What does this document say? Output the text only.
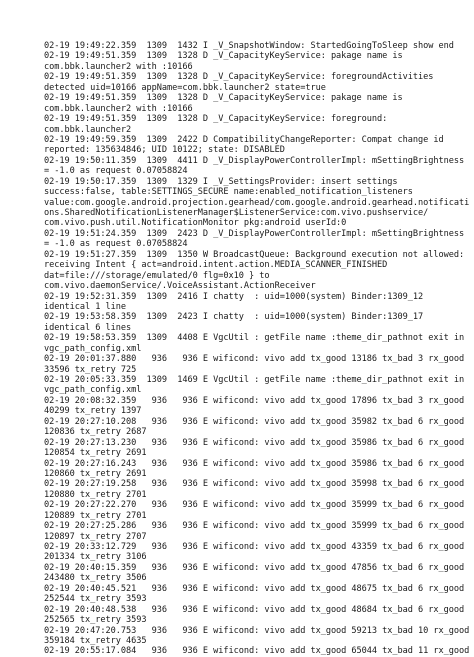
02-19 19:49:22.359  1309  1432 I _V_SnapshotWindow: StartedGoingToSleep show end
02-19 19:49:51.359  1309  1328 D _V_CapacityKeyService: pakage name is
com.bbk.launcher2 with :10166
02-19 19:49:51.359  1309  1328 D _V_CapacityKeyService: foregroundActivities
detected uid=10166 appName=com.bbk.launcher2 state=true
02-19 19:49:51.359  1309  1328 D _V_CapacityKeyService: pakage name is
com.bbk.launcher2 with :10166
02-19 19:49:51.359  1309  1328 D _V_CapacityKeyService: foreground:
com.bbk.launcher2
02-19 19:49:59.359  1309  2422 D CompatibilityChangeReporter: Compat change id
reported: 135634846; UID 10122; state: DISABLED
02-19 19:50:11.359  1309  4411 D _V_DisplayPowerControllerImpl: mSettingBrightness
= -1.0 as request 0.07058824
02-19 19:50:17.359  1309  1329 I _V_SettingsProvider: insert settings
success:false, table:SETTINGS_SECURE name:enabled_notification_listeners
value:com.google.android.projection.gearhead/com.google.android.gearhead.notificati
ons.SharedNotificationListenerManager$ListenerService:com.vivo.pushservice/
com.vivo.push.util.NotificationMonitor pkg:android userId:0
02-19 19:51:24.359  1309  2423 D _V_DisplayPowerControllerImpl: mSettingBrightness
= -1.0 as request 0.07058824
02-19 19:51:27.359  1309  1350 W BroadcastQueue: Background execution not allowed:
receiving Intent { act=android.intent.action.MEDIA_SCANNER_FINISHED
dat=file:///storage/emulated/0 flg=0x10 } to
com.vivo.daemonService/.VoiceAssistant.ActionReceiver
02-19 19:52:31.359  1309  2416 I chatty  : uid=1000(system) Binder:1309_12
identical 1 line
02-19 19:53:58.359  1309  2423 I chatty  : uid=1000(system) Binder:1309_17
identical 6 lines
02-19 19:58:53.359  1309  4408 E VgcUtil : getFile name :theme_dir_pathnot exit in
vgc_path_config.xml
02-19 20:01:37.880   936   936 E wificond: vivo add tx_good 13186 tx_bad 3 rx_good
33596 tx_retry 725
02-19 20:05:33.359  1309  1469 E VgcUtil : getFile name :theme_dir_pathnot exit in
vgc_path_config.xml
02-19 20:08:32.359   936   936 E wificond: vivo add tx_good 17896 tx_bad 3 rx_good
40299 tx_retry 1397
02-19 20:27:10.208   936   936 E wificond: vivo add tx_good 35982 tx_bad 6 rx_good
120836 tx_retry 2687
02-19 20:27:13.230   936   936 E wificond: vivo add tx_good 35986 tx_bad 6 rx_good
120854 tx_retry 2691
02-19 20:27:16.243   936   936 E wificond: vivo add tx_good 35986 tx_bad 6 rx_good
120860 tx_retry 2691
02-19 20:27:19.258   936   936 E wificond: vivo add tx_good 35998 tx_bad 6 rx_good
120880 tx_retry 2701
02-19 20:27:22.270   936   936 E wificond: vivo add tx_good 35999 tx_bad 6 rx_good
120889 tx_retry 2701
02-19 20:27:25.286   936   936 E wificond: vivo add tx_good 35999 tx_bad 6 rx_good
120897 tx_retry 2707
02-19 20:33:12.729   936   936 E wificond: vivo add tx_good 43359 tx_bad 6 rx_good
201334 tx_retry 3106
02-19 20:40:15.359   936   936 E wificond: vivo add tx_good 47856 tx_bad 6 rx_good
243480 tx_retry 3506
02-19 20:40:45.521   936   936 E wificond: vivo add tx_good 48675 tx_bad 6 rx_good
252544 tx_retry 3593
02-19 20:40:48.538   936   936 E wificond: vivo add tx_good 48684 tx_bad 6 rx_good
252565 tx_retry 3593
02-19 20:47:20.753   936   936 E wificond: vivo add tx_good 59213 tx_bad 10 rx_good
359184 tx_retry 4635
02-19 20:55:17.084   936   936 E wificond: vivo add tx_good 65044 tx_bad 11 rx_good
